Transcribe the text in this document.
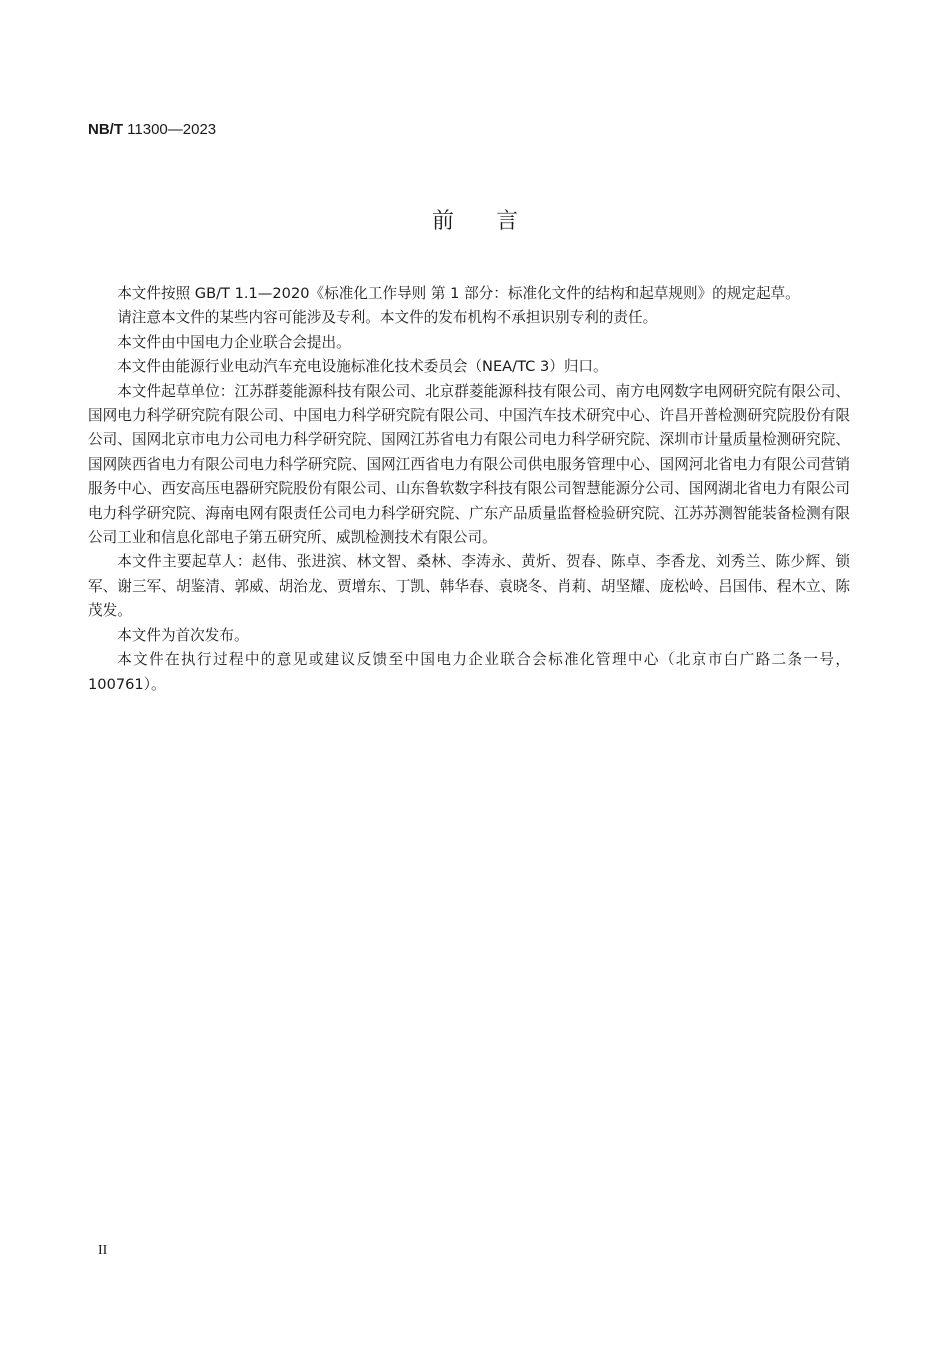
NB/T 11300—2023
前言

本文件按照 GB/T 1.1—2020《标准化工作导则 第 1 部分：标准化文件的结构和起草规则》的规定起草。

请注意本文件的某些内容可能涉及专利。本文件的发布机构不承担识别专利的责任。

本文件由中国电力企业联合会提出。

本文件由能源行业电动汽车充电设施标准化技术委员会（NEA/TC 3）归口。

本文件起草单位：江苏群菱能源科技有限公司、北京群菱能源科技有限公司、南方电网数字电网研究院有限公司、国网电力科学研究院有限公司、中国电力科学研究院有限公司、中国汽车技术研究中心、许昌开普检测研究院股份有限公司、国网北京市电力公司电力科学研究院、国网江苏省电力有限公司电力科学研究院、深圳市计量质量检测研究院、国网陕西省电力有限公司电力科学研究院、国网江西省电力有限公司供电服务管理中心、国网河北省电力有限公司营销服务中心、西安高压电器研究院股份有限公司、山东鲁软数字科技有限公司智慧能源分公司、国网湖北省电力有限公司电力科学研究院、海南电网有限责任公司电力科学研究院、广东产品质量监督检验研究院、江苏苏测智能装备检测有限公司工业和信息化部电子第五研究所、威凯检测技术有限公司。

本文件主要起草人：赵伟、张进滨、林文智、桑林、李涛永、黄炘、贺春、陈卓、李香龙、刘秀兰、陈少辉、锁军、谢三军、胡鉴清、郭威、胡治龙、贾增东、丁凯、韩华春、袁晓冬、肖莉、胡坚耀、庞松岭、吕国伟、程木立、陈茂发。

本文件为首次发布。

本文件在执行过程中的意见或建议反馈至中国电力企业联合会标准化管理中心（北京市白广路二条一号，100761）。

II
